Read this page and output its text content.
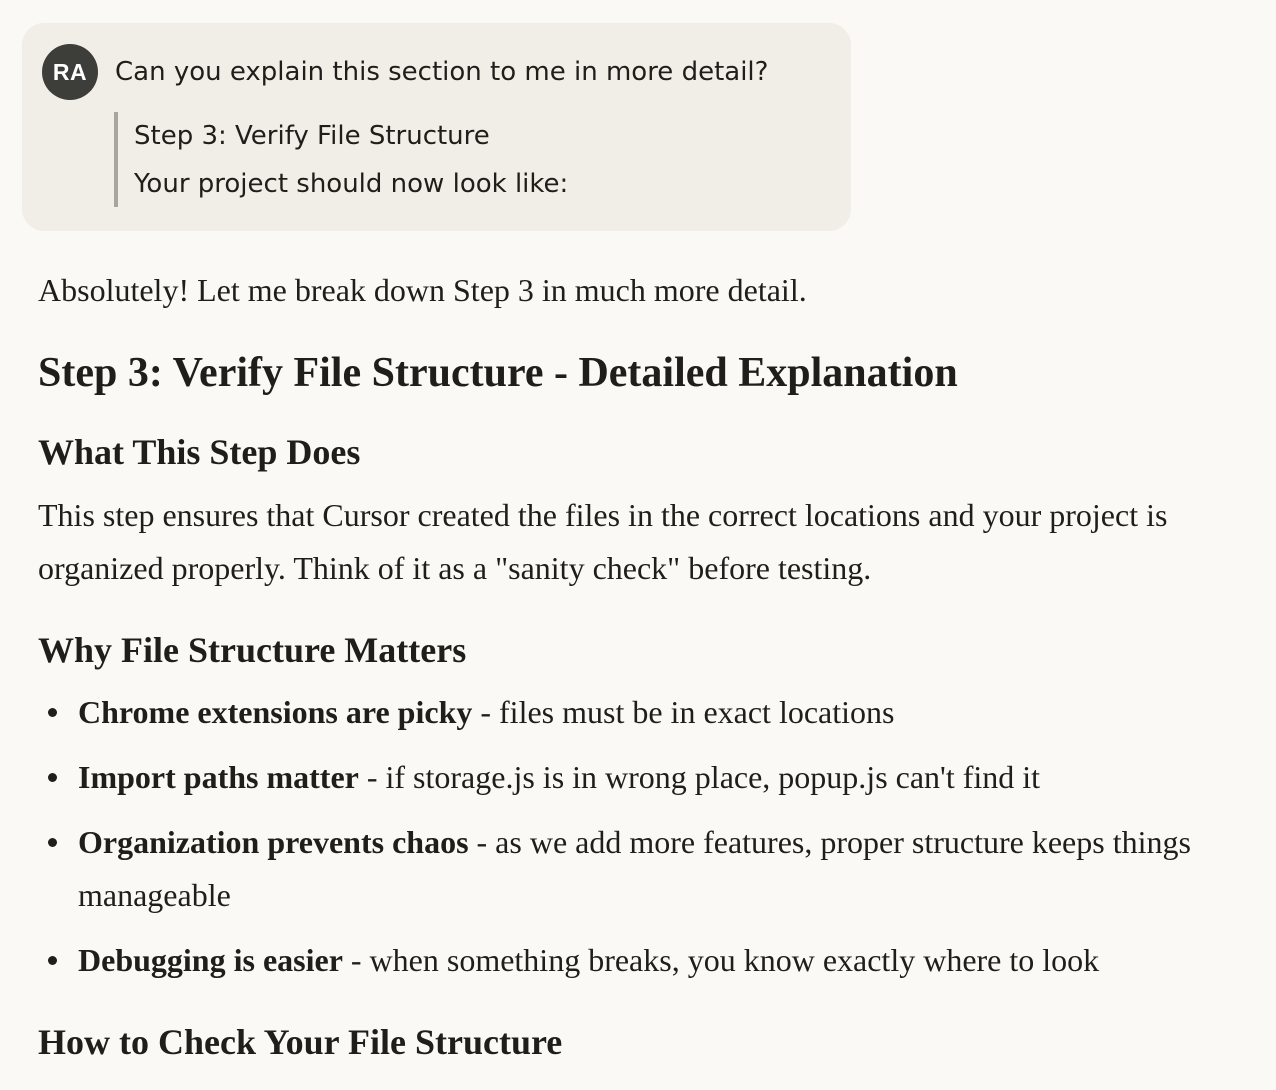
RA	Can you explain this section to me in more detail?
Step 3: Verify File Structure
Your project should now look like:
Absolutely! Let me break down Step 3 in much more detail.
Step 3: Verify File Structure - Detailed Explanation
What This Step Does

This step ensures that Cursor created the files in the correct locations and your project is organized properly. Think of it as a "sanity check" before testing.

Why File Structure Matters
Chrome extensions are picky - files must be in exact locations
Import paths matter - if storage.js is in wrong place, popup.js can't find it
Organization prevents chaos - as we add more features, proper structure keeps things manageable
Debugging is easier - when something breaks, you know exactly where to look
How to Check Your File Structure
